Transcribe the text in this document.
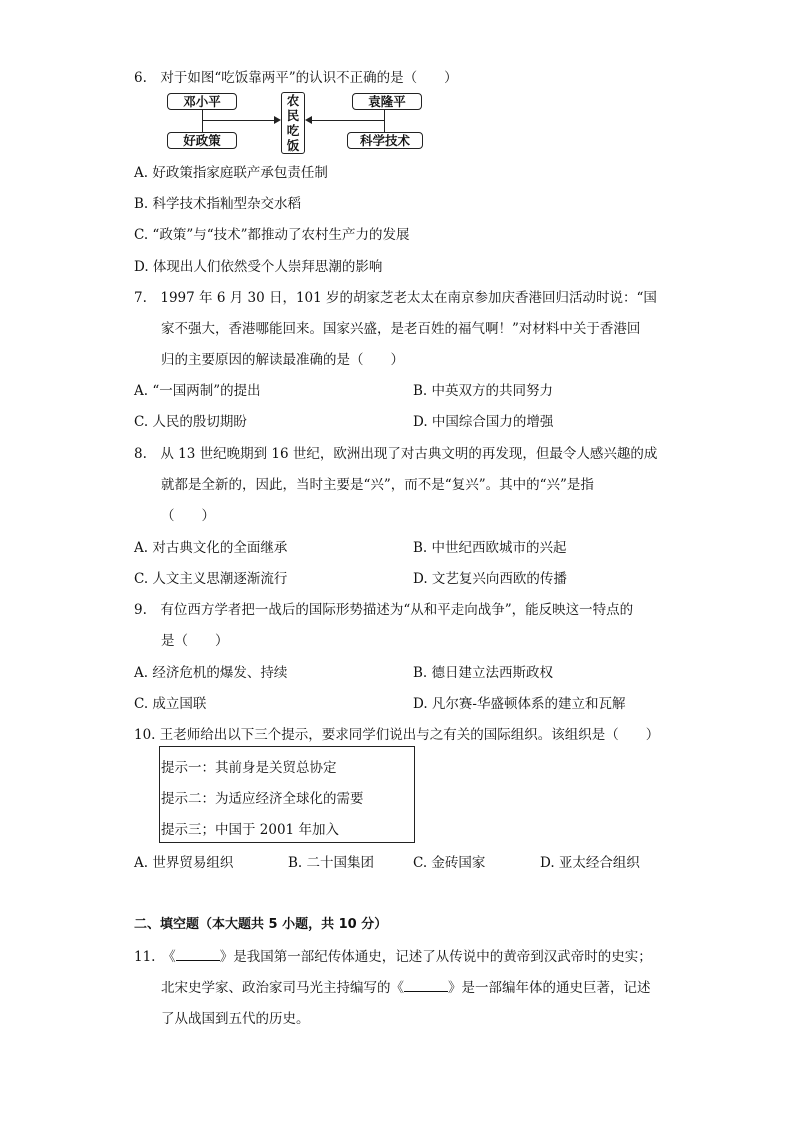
6.　对于如图“吃饭靠两平”的认识不正确的是（　　）
邓小平
好政策
袁隆平
科学技术
农
民
吃
饭
A. 好政策指家庭联产承包责任制
B. 科学技术指籼型杂交水稻
C. “政策”与“技术”都推动了农村生产力的发展
D. 体现出人们依然受个人崇拜思潮的影响
7.　1997 年 6 月 30 日，101 岁的胡家芝老太太在南京参加庆香港回归活动时说：“国
家不强大，香港哪能回来。国家兴盛，是老百姓的福气啊！”对材料中关于香港回
归的主要原因的解读最准确的是（　　）
A. “一国两制”的提出	B. 中英双方的共同努力
C. 人民的殷切期盼	D. 中国综合国力的增强
8.　从 13 世纪晚期到 16 世纪，欧洲出现了对古典文明的再发现，但最令人感兴趣的成
就都是全新的，因此，当时主要是“兴”，而不是“复兴”。其中的“兴”是指
（　　）
A. 对古典文化的全面继承	B. 中世纪西欧城市的兴起
C. 人文主义思潮逐渐流行	D. 文艺复兴向西欧的传播
9.　有位西方学者把一战后的国际形势描述为“从和平走向战争”，能反映这一特点的
是（　　）
A. 经济危机的爆发、持续	B. 德日建立法西斯政权
C. 成立国联	D. 凡尔赛-华盛顿体系的建立和瓦解
10. 王老师给出以下三个提示，要求同学们说出与之有关的国际组织。该组织是（　　）
提示一：其前身是关贸总协定
提示二：为适应经济全球化的需要
提示三；中国于 2001 年加入
A. 世界贸易组织	B. 二十国集团	C. 金砖国家	D. 亚太经合组织
二、填空题（本大题共 5 小题，共 10 分）
11.　《	》是我国第一部纪传体通史，记述了从传说中的黄帝到汉武帝时的史实；
北宋史学家、政治家司马光主持编写的《	》是一部编年体的通史巨著，记述
了从战国到五代的历史。
